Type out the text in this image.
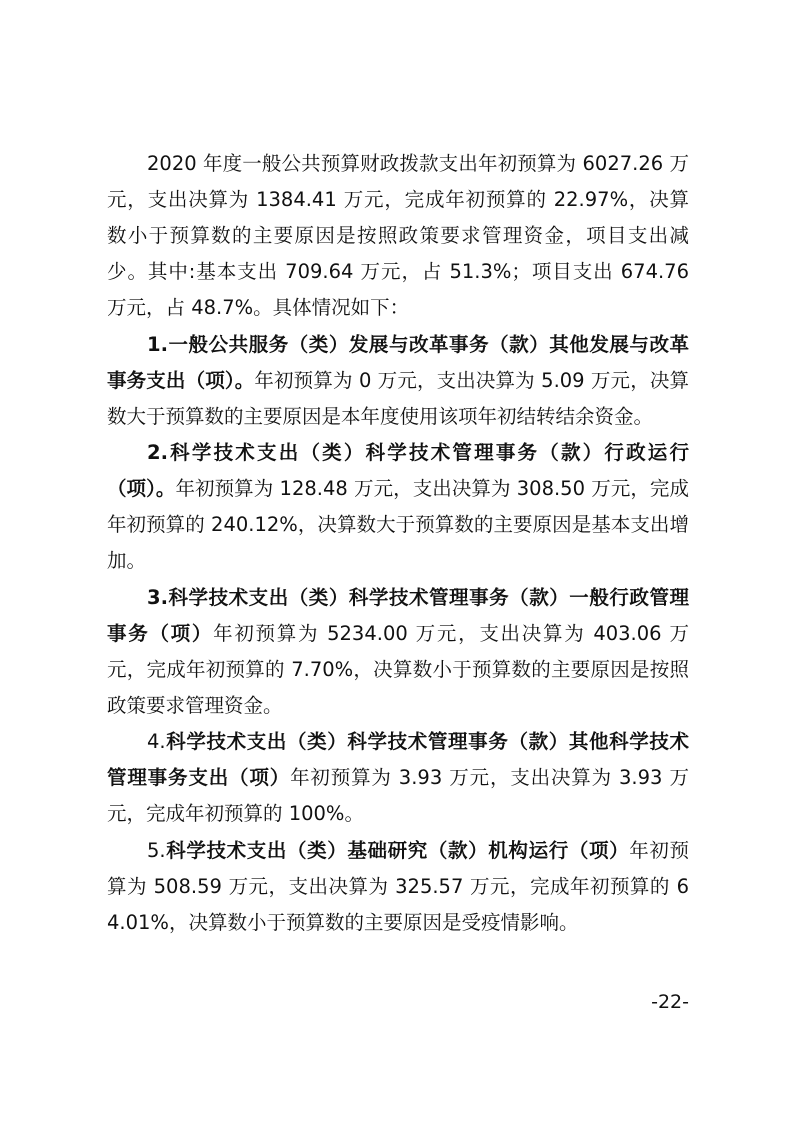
2020 年度一般公共预算财政拨款支出年初预算为 6027.26 万元，支出决算为 1384.41 万元，完成年初预算的 22.97%，决算数小于预算数的主要原因是按照政策要求管理资金，项目支出减少。其中:基本支出 709.64 万元，占 51.3%；项目支出 674.76 万元，占 48.7%。具体情况如下：

1.一般公共服务（类）发展与改革事务（款）其他发展与改革事务支出（项）。年初预算为 0 万元，支出决算为 5.09 万元，决算数大于预算数的主要原因是本年度使用该项年初结转结余资金。

2.科学技术支出（类）科学技术管理事务（款）行政运行（项）。年初预算为 128.48 万元，支出决算为 308.50 万元，完成年初预算的 240.12%，决算数大于预算数的主要原因是基本支出增加。

3.科学技术支出（类）科学技术管理事务（款）一般行政管理事务（项）年初预算为 5234.00 万元，支出决算为 403.06 万元，完成年初预算的 7.70%，决算数小于预算数的主要原因是按照政策要求管理资金。

4.科学技术支出（类）科学技术管理事务（款）其他科学技术管理事务支出（项）年初预算为 3.93 万元，支出决算为 3.93 万元，完成年初预算的 100%。

5.科学技术支出（类）基础研究（款）机构运行（项）年初预算为 508.59 万元，支出决算为 325.57 万元，完成年初预算的 64.01%，决算数小于预算数的主要原因是受疫情影响。

-22-
